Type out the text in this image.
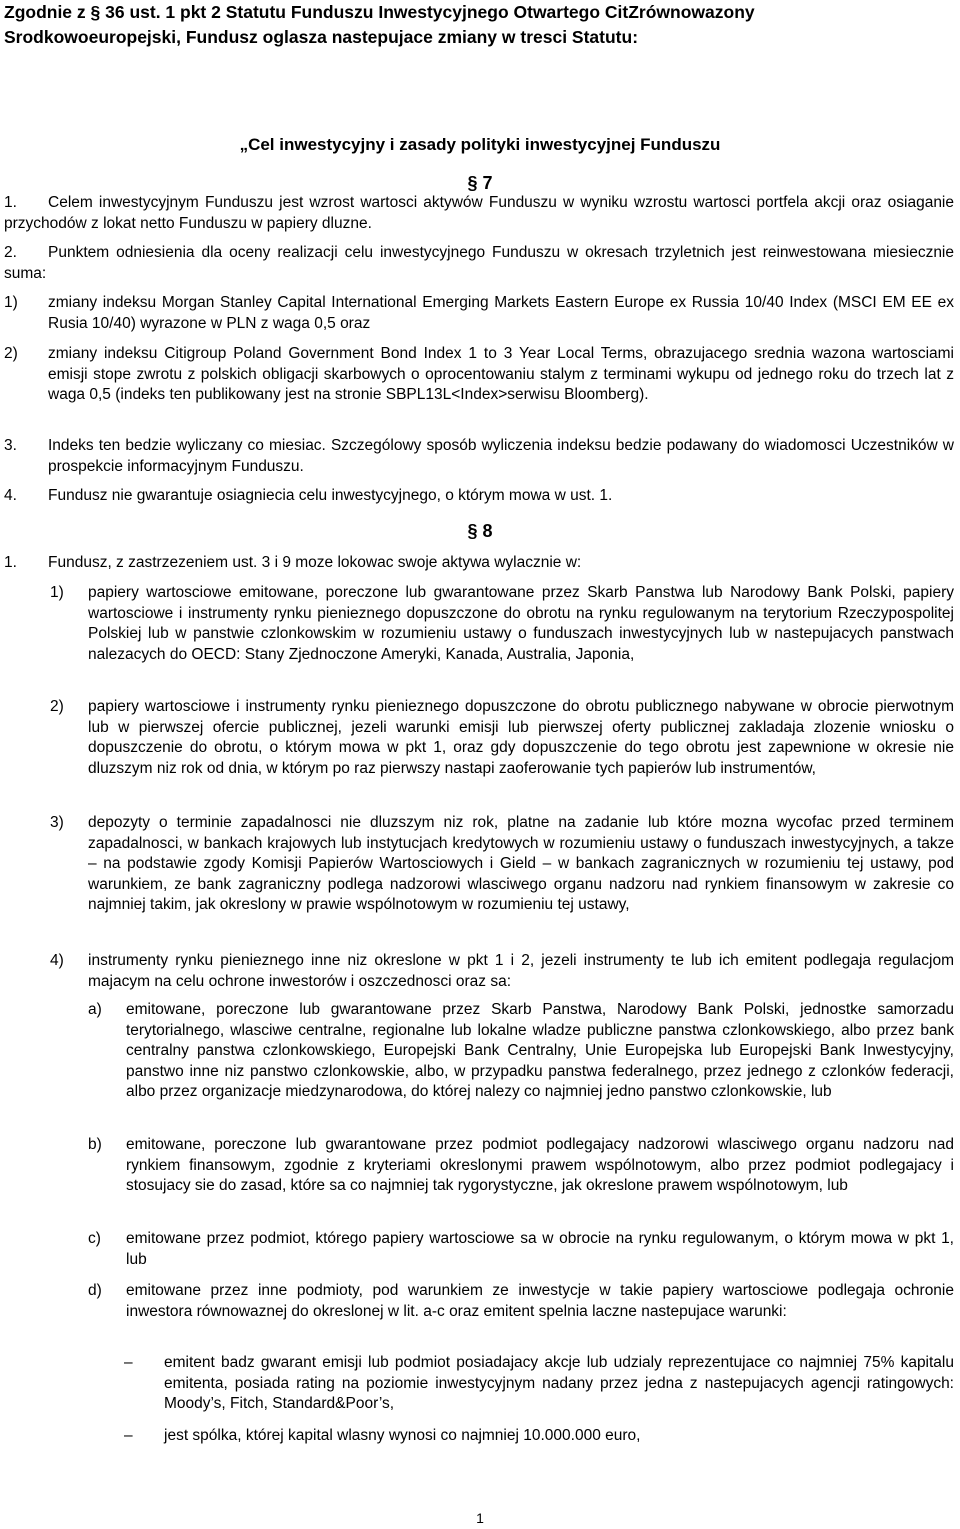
Zgodnie z § 36 ust. 1 pkt 2 Statutu Funduszu Inwestycyjnego Otwartego CitZrównowazony
Srodkowoeuropejski, Fundusz oglasza nastepujace zmiany w tresci Statutu:
„Cel inwestycyjny i zasady polityki inwestycyjnej Funduszu
§ 7
1.	Celem inwestycyjnym Funduszu jest wzrost wartosci aktywów Funduszu w wyniku wzrostu wartosci portfela akcji oraz osiaganie przychodów z lokat netto Funduszu w papiery dluzne.
2.	Punktem odniesienia dla oceny realizacji celu inwestycyjnego Funduszu w okresach trzyletnich jest reinwestowana miesiecznie suma:
1) zmiany indeksu Morgan Stanley Capital International Emerging Markets Eastern Europe ex Russia 10/40 Index (MSCI EM EE ex Rusia 10/40) wyrazone w PLN z waga 0,5 oraz
2) zmiany indeksu Citigroup Poland Government Bond Index 1 to 3 Year Local Terms, obrazujacego srednia wazona wartosciami emisji stope zwrotu z polskich obligacji skarbowych o oprocentowaniu stalym z terminami wykupu od jednego roku do trzech lat z waga 0,5 (indeks ten publikowany jest na stronie SBPL13L<Index>serwisu Bloomberg).
3. Indeks ten bedzie wyliczany co miesiac. Szczególowy sposób wyliczenia indeksu bedzie podawany do wiadomosci Uczestników w prospekcie informacyjnym Funduszu.
4. Fundusz nie gwarantuje osiagniecia celu inwestycyjnego, o którym mowa w ust. 1.
§ 8
1. Fundusz, z zastrzezeniem ust. 3 i 9 moze lokowac swoje aktywa wylacznie w:
1) papiery wartosciowe emitowane, poreczone lub gwarantowane przez Skarb Panstwa lub Narodowy Bank Polski, papiery wartosciowe i instrumenty rynku pienieznego dopuszczone do obrotu na rynku regulowanym na terytorium Rzeczypospolitej Polskiej lub w panstwie czlonkowskim w rozumieniu ustawy o funduszach inwestycyjnych lub w nastepujacych panstwach nalezacych do OECD: Stany Zjednoczone Ameryki, Kanada, Australia, Japonia,
2) papiery wartosciowe i instrumenty rynku pienieznego dopuszczone do obrotu publicznego nabywane w obrocie pierwotnym lub w pierwszej ofercie publicznej, jezeli warunki emisji lub pierwszej oferty publicznej zakladaja zlozenie wniosku o dopuszczenie do obrotu, o którym mowa w pkt 1, oraz gdy dopuszczenie do tego obrotu jest zapewnione w okresie nie dluzszym niz rok od dnia, w którym po raz pierwszy nastapi zaoferowanie tych papierów lub instrumentów,
3) depozyty o terminie zapadalnosci nie dluzszym niz rok, platne na zadanie lub które mozna wycofac przed terminem zapadalnosci, w bankach krajowych lub instytucjach kredytowych w rozumieniu ustawy o funduszach inwestycyjnych, a takze – na podstawie zgody Komisji Papierów Wartosciowych i Gield – w bankach zagranicznych w rozumieniu tej ustawy, pod warunkiem, ze bank zagraniczny podlega nadzorowi wlasciwego organu nadzoru nad rynkiem finansowym w zakresie co najmniej takim, jak okreslony w prawie wspólnotowym w rozumieniu tej ustawy,
4) instrumenty rynku pienieznego inne niz okreslone w pkt 1 i 2, jezeli instrumenty te lub ich emitent podlegaja regulacjom majacym na celu ochrone inwestorów i oszczednosci oraz sa:
a) emitowane, poreczone lub gwarantowane przez Skarb Panstwa, Narodowy Bank Polski, jednostke samorzadu terytorialnego, wlasciwe centralne, regionalne lub lokalne wladze publiczne panstwa czlonkowskiego, albo przez bank centralny panstwa czlonkowskiego, Europejski Bank Centralny, Unie Europejska lub Europejski Bank Inwestycyjny, panstwo inne niz panstwo czlonkowskie, albo, w przypadku panstwa federalnego, przez jednego z czlonków federacji, albo przez organizacje miedzynarodowa, do której nalezy co najmniej jedno panstwo czlonkowskie, lub
b) emitowane, poreczone lub gwarantowane przez podmiot podlegajacy nadzorowi wlasciwego organu nadzoru nad rynkiem finansowym, zgodnie z kryteriami okreslonymi prawem wspólnotowym, albo przez podmiot podlegajacy i stosujacy sie do zasad, które sa co najmniej tak rygorystyczne, jak okreslone prawem wspólnotowym, lub
c) emitowane przez podmiot, którego papiery wartosciowe sa w obrocie na rynku regulowanym, o którym mowa w pkt 1, lub
d) emitowane przez inne podmioty, pod warunkiem ze inwestycje w takie papiery wartosciowe podlegaja ochronie inwestora równowaznej do okreslonej w lit. a-c oraz emitent spelnia laczne nastepujace warunki:
– emitent badz gwarant emisji lub podmiot posiadajacy akcje lub udzialy reprezentujace co najmniej 75% kapitalu emitenta, posiada rating na poziomie inwestycyjnym nadany przez jedna z nastepujacych agencji ratingowych: Moody’s, Fitch, Standard&Poor’s,
– jest spólka, której kapital wlasny wynosi co najmniej 10.000.000 euro,
1
